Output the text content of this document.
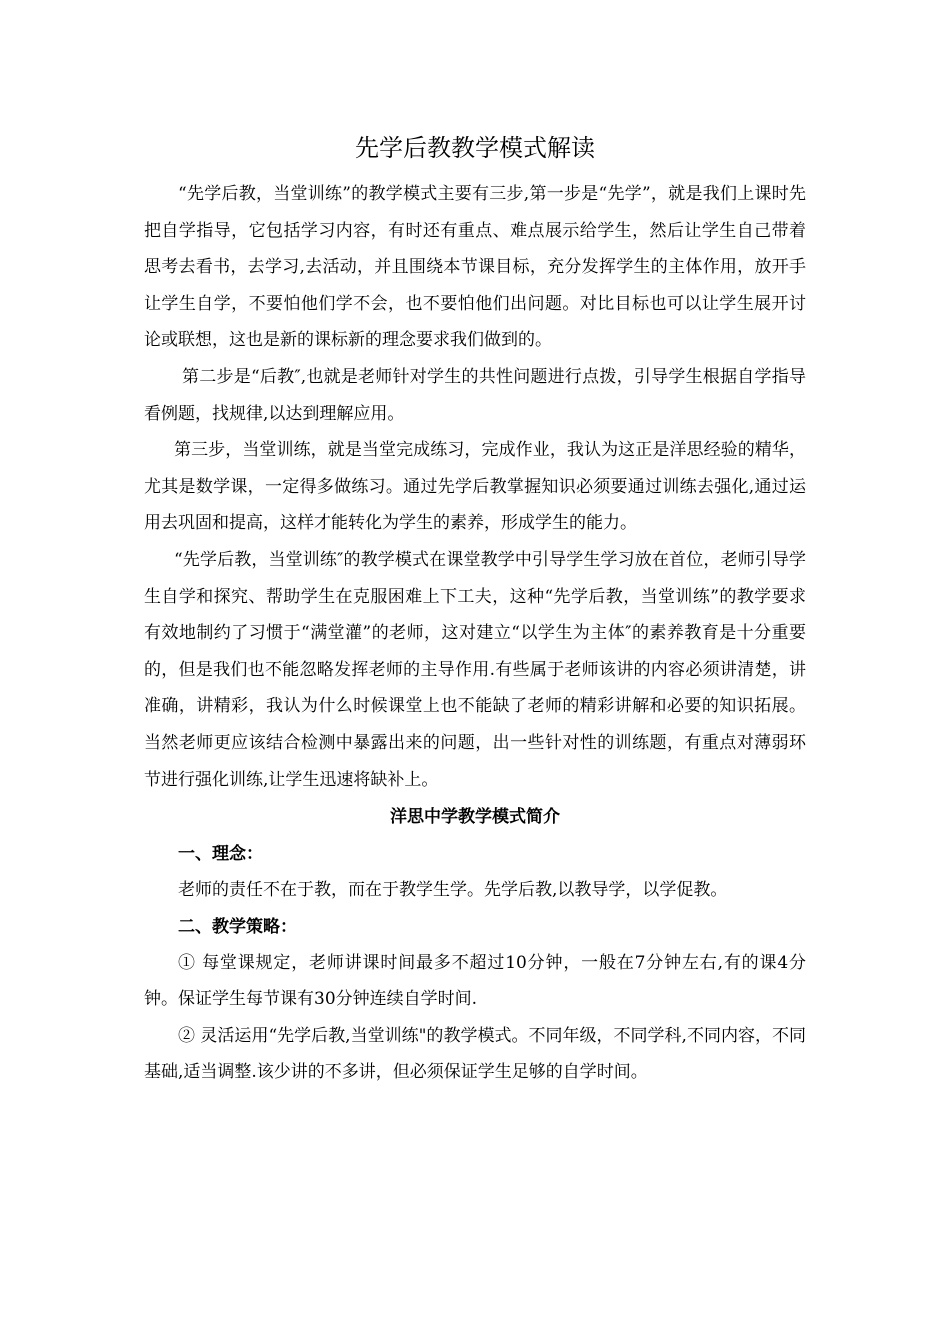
先学后教教学模式解读

“先学后教，当堂训练”的教学模式主要有三步,第一步是“先学”，就是我们上课时先把自学指导，它包括学习内容，有时还有重点、难点展示给学生，然后让学生自己带着思考去看书，去学习,去活动，并且围绕本节课目标，充分发挥学生的主体作用，放开手让学生自学，不要怕他们学不会，也不要怕他们出问题。对比目标也可以让学生展开讨论或联想，这也是新的课标新的理念要求我们做到的。

第二步是“后教″,也就是老师针对学生的共性问题进行点拨，引导学生根据自学指导看例题，找规律,以达到理解应用。

第三步，当堂训练，就是当堂完成练习，完成作业，我认为这正是洋思经验的精华，尤其是数学课，一定得多做练习。通过先学后教掌握知识必须要通过训练去强化,通过运用去巩固和提高，这样才能转化为学生的素养，形成学生的能力。

“先学后教，当堂训练″的教学模式在课堂教学中引导学生学习放在首位，老师引导学生自学和探究、帮助学生在克服困难上下工夫，这种“先学后教，当堂训练”的教学要求有效地制约了习惯于“满堂灌”的老师，这对建立“以学生为主体″的素养教育是十分重要的，但是我们也不能忽略发挥老师的主导作用.有些属于老师该讲的内容必须讲清楚，讲准确，讲精彩，我认为什么时候课堂上也不能缺了老师的精彩讲解和必要的知识拓展。当然老师更应该结合检测中暴露出来的问题，出一些针对性的训练题，有重点对薄弱环节进行强化训练,让学生迅速将缺补上。

洋思中学教学模式简介
一、理念：

老师的责任不在于教，而在于教学生学。先学后教,以教导学，以学促教。

二、教学策略：

① 每堂课规定，老师讲课时间最多不超过10分钟，一般在7分钟左右,有的课4分钟。保证学生每节课有30分钟连续自学时间.

② 灵活运用“先学后教,当堂训练"的教学模式。不同年级，不同学科,不同内容，不同基础,适当调整.该少讲的不多讲，但必须保证学生足够的自学时间。
